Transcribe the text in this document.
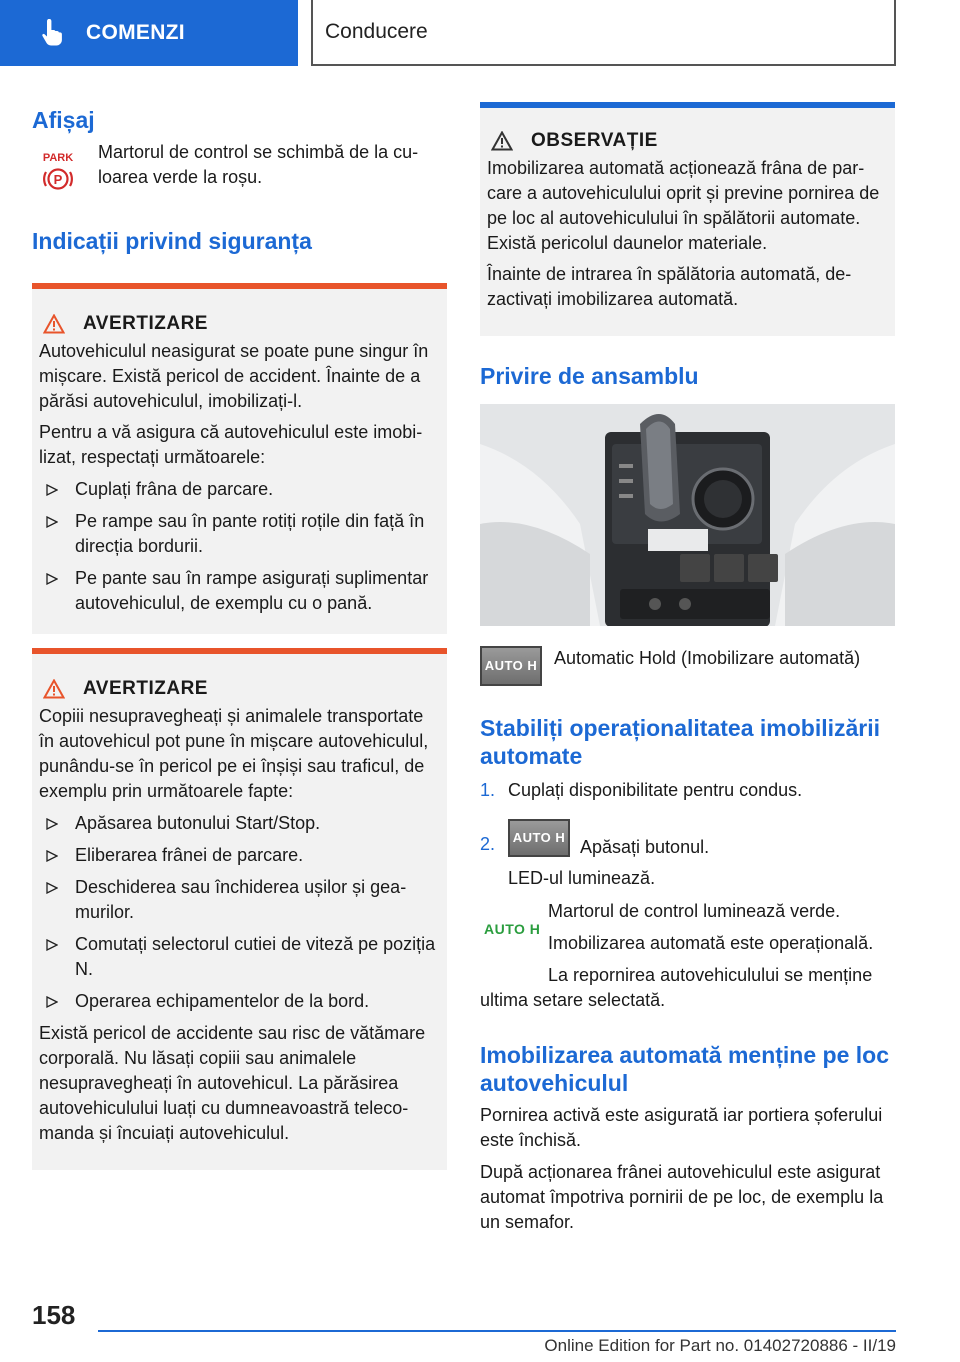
COMENZI	Conducere
Afișaj
PARK
P
Martorul de control se schimbă de la culoarea verde la roșu.
Indicații privind siguranța
AVERTIZARE
Autovehiculul neasigurat se poate pune singur în mișcare. Există pericol de accident. Înainte de a părăsi autovehiculul, imobilizați-l.
Pentru a vă asigura că autovehiculul este imobilizat, respectați următoarele:
Cuplați frâna de parcare.
Pe rampe sau în pante rotiți roțile din față în direcția bordurii.
Pe pante sau în rampe asigurați suplimentar autovehiculul, de exemplu cu o pană.
AVERTIZARE
Copiii nesupravegheați și animalele transportate în autovehicul pot pune în mișcare autovehiculul, punându-se în pericol pe ei înșiși sau traficul, de exemplu prin următoarele fapte:
Apăsarea butonului Start/Stop.
Eliberarea frânei de parcare.
Deschiderea sau închiderea ușilor și geamurilor.
Comutați selectorul cutiei de viteză pe poziția N.
Operarea echipamentelor de la bord.
Există pericol de accidente sau risc de vătămare corporală. Nu lăsați copiii sau animalele nesupravegheați în autovehicul. La părăsirea autovehiculului luați cu dumneavoastră telecomanda și încuiați autovehiculul.
OBSERVAȚIE
Imobilizarea automată acționează frâna de parcare a autovehiculului oprit și previne pornirea de pe loc al autovehiculului în spălătorii automate. Există pericolul daunelor materiale.
Înainte de intrarea în spălătoria automată, dezactivați imobilizarea automată.
Privire de ansamblu
AUTO H Automatic Hold (Imobilizare automată)
Stabiliți operaționalitatea imobilizării automate
1. Cuplați disponibilitate pentru condus.
2.	AUTO H Apăsați butonul.
LED-ul luminează.
AUTO H
Martorul de control luminează verde.
Imobilizarea automată este operațională.
La repornirea autovehiculului se menține ultima setare selectată.
Imobilizarea automată menține pe loc autovehiculul
Pornirea activă este asigurată iar portiera șoferului este închisă.
După acționarea frânei autovehiculul este asigurat automat împotriva pornirii de pe loc, de exemplu la un semafor.
158
Online Edition for Part no. 01402720886 - II/19
